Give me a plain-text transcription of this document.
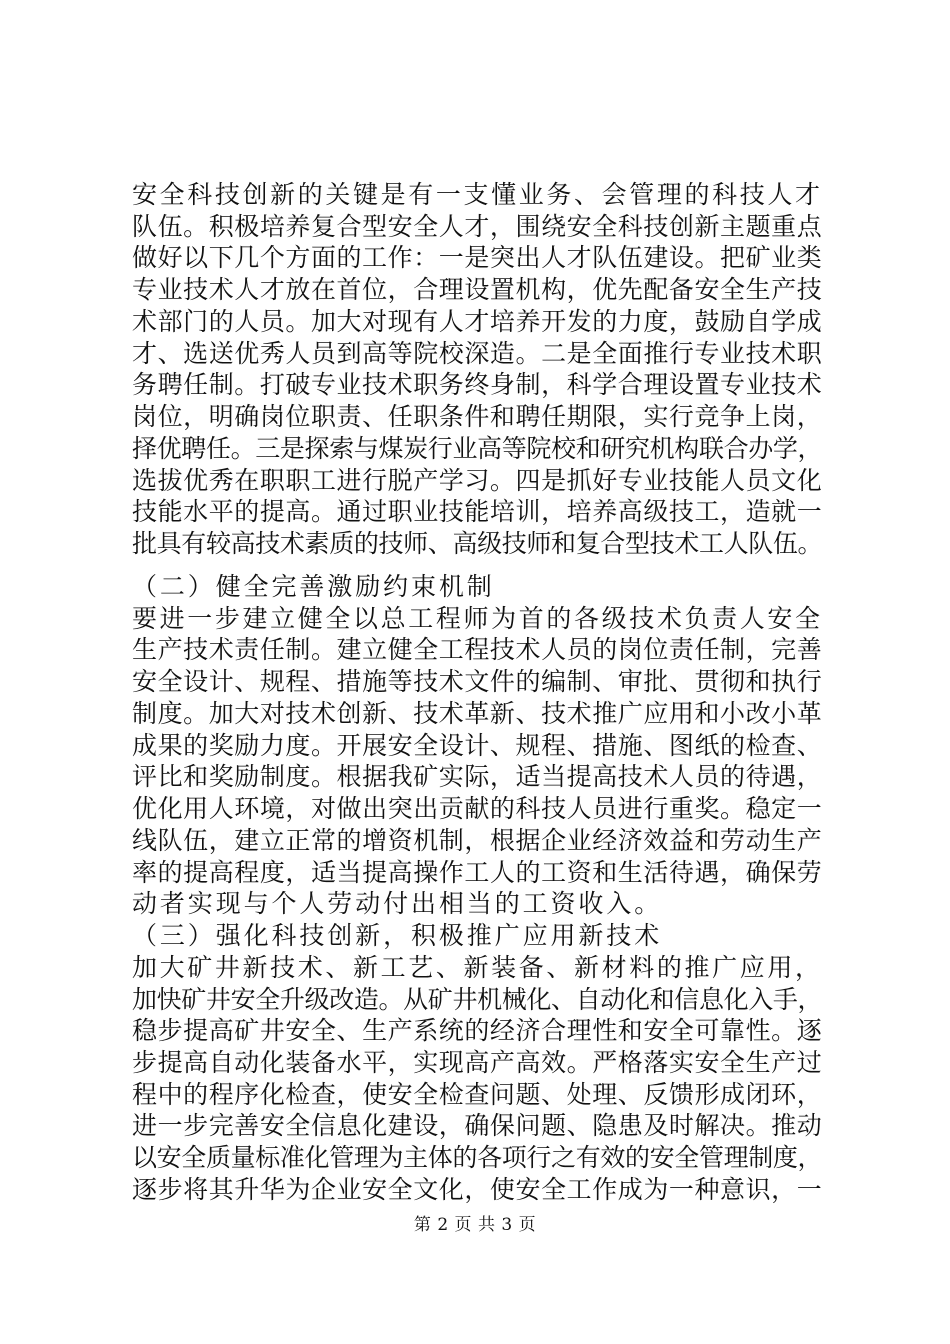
安全科技创新的关键是有一支懂业务、会管理的科技人才
队伍。积极培养复合型安全人才，围绕安全科技创新主题重点
做好以下几个方面的工作：一是突出人才队伍建设。把矿业类
专业技术人才放在首位，合理设置机构，优先配备安全生产技
术部门的人员。加大对现有人才培养开发的力度，鼓励自学成
才、选送优秀人员到高等院校深造。二是全面推行专业技术职
务聘任制。打破专业技术职务终身制，科学合理设置专业技术
岗位，明确岗位职责、任职条件和聘任期限，实行竞争上岗，
择优聘任。三是探索与煤炭行业高等院校和研究机构联合办学，
选拔优秀在职职工进行脱产学习。四是抓好专业技能人员文化
技能水平的提高。通过职业技能培训，培养高级技工，造就一
批具有较高技术素质的技师、高级技师和复合型技术工人队伍。
（二）健全完善激励约束机制
要进一步建立健全以总工程师为首的各级技术负责人安全
生产技术责任制。建立健全工程技术人员的岗位责任制，完善
安全设计、规程、措施等技术文件的编制、审批、贯彻和执行
制度。加大对技术创新、技术革新、技术推广应用和小改小革
成果的奖励力度。开展安全设计、规程、措施、图纸的检查、
评比和奖励制度。根据我矿实际，适当提高技术人员的待遇，
优化用人环境，对做出突出贡献的科技人员进行重奖。稳定一
线队伍，建立正常的增资机制，根据企业经济效益和劳动生产
率的提高程度，适当提高操作工人的工资和生活待遇，确保劳
动者实现与个人劳动付出相当的工资收入。
（三）强化科技创新，积极推广应用新技术
加大矿井新技术、新工艺、新装备、新材料的推广应用，
加快矿井安全升级改造。从矿井机械化、自动化和信息化入手，
稳步提高矿井安全、生产系统的经济合理性和安全可靠性。逐
步提高自动化装备水平，实现高产高效。严格落实安全生产过
程中的程序化检查，使安全检查问题、处理、反馈形成闭环，
进一步完善安全信息化建设，确保问题、隐患及时解决。推动
以安全质量标准化管理为主体的各项行之有效的安全管理制度，
逐步将其升华为企业安全文化，使安全工作成为一种意识，一
第 2 页 共 3 页
